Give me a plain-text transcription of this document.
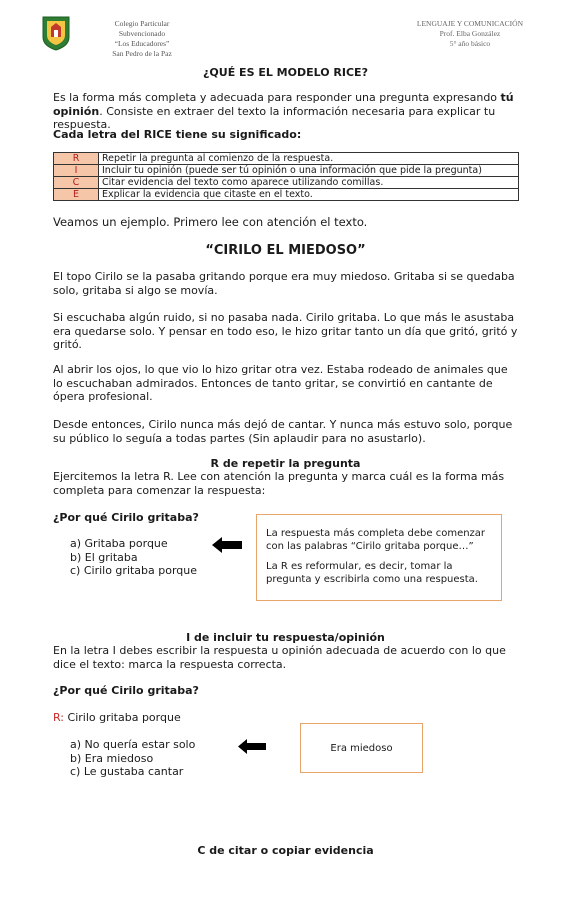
Colegio Particular Subvencionado
“Los Educadores”
San Pedro de la Paz
LENGUAJE Y COMUNICACIÓN
Prof. Elba González
5° año básico
¿QUÉ ES EL MODELO RICE?

Es la forma más completa y adecuada para responder una pregunta expresando tú opinión. Consiste en extraer del texto la información necesaria para explicar tu respuesta.

Cada letra del RICE tiene su significado:

R	Repetir la pregunta al comienzo de la respuesta.
I	Incluir tu opinión (puede ser tú opinión o una información que pide la pregunta)
C	Citar evidencia del texto como aparece utilizando comillas.
E	Explicar la evidencia que citaste en el texto.

Veamos un ejemplo. Primero lee con atención el texto.

“CIRILO EL MIEDOSO”

El topo Cirilo se la pasaba gritando porque era muy miedoso. Gritaba si se quedaba solo, gritaba si algo se movía.

Si escuchaba algún ruido, si no pasaba nada. Cirilo gritaba. Lo que más le asustaba era quedarse solo. Y pensar en todo eso, le hizo gritar tanto un día que gritó, gritó y gritó.

Al abrir los ojos, lo que vio lo hizo gritar otra vez. Estaba rodeado de animales que lo escuchaban admirados. Entonces de tanto gritar, se convirtió en cantante de ópera profesional.

Desde entonces, Cirilo nunca más dejó de cantar. Y nunca más estuvo solo, porque su público lo seguía a todas partes (Sin aplaudir para no asustarlo).

R de repetir la pregunta

Ejercitemos la letra R. Lee con atención la pregunta y marca cuál es la forma más completa para comenzar la respuesta:

¿Por qué Cirilo gritaba?

a) Gritaba porque
b) El gritaba
c) Cirilo gritaba porque
La respuesta más completa debe comenzar con las palabras “Cirilo gritaba porque…”
La R es reformular, es decir, tomar la pregunta y escribirla como una respuesta.
I de incluir tu respuesta/opinión

En la letra I debes escribir la respuesta u opinión adecuada de acuerdo con lo que dice el texto: marca la respuesta correcta.

¿Por qué Cirilo gritaba?

R: Cirilo gritaba porque

a) No quería estar solo
b) Era miedoso
c) Le gustaba cantar
Era miedoso
C de citar o copiar evidencia
